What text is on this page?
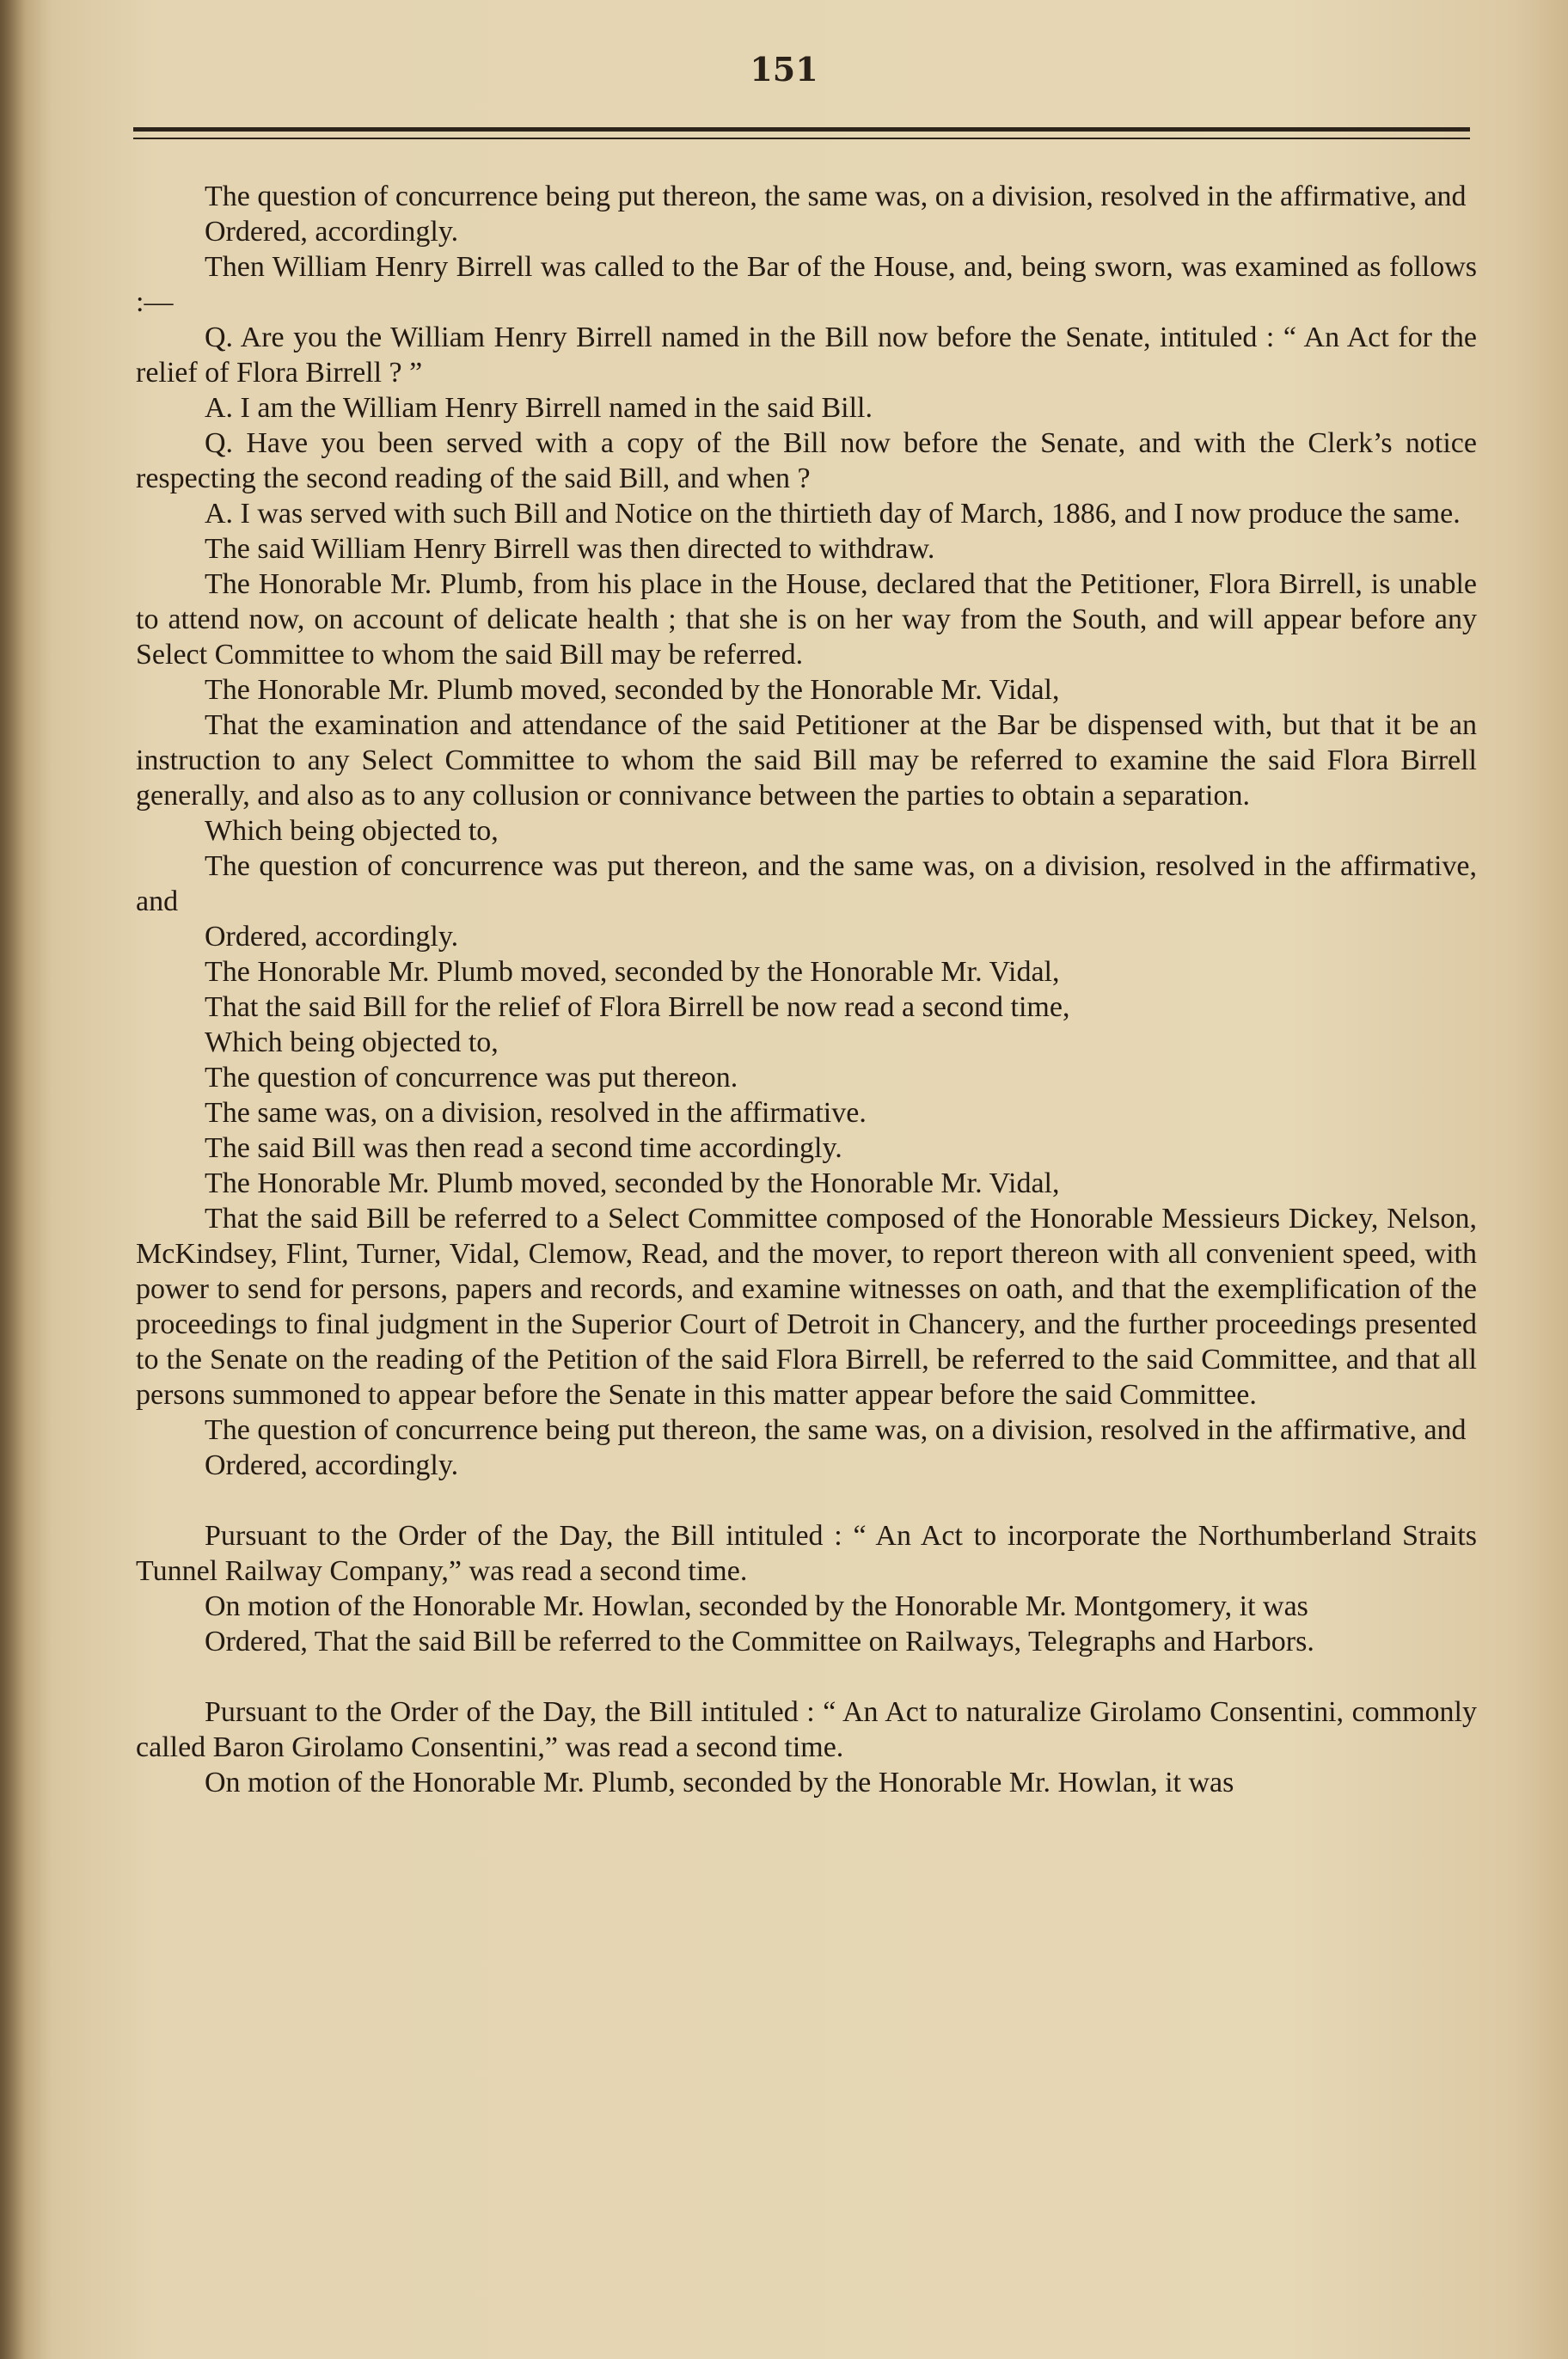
151

The question of concurrence being put thereon, the same was, on a division, resolved in the affirmative, and

Ordered, accordingly.

Then William Henry Birrell was called to the Bar of the House, and, being sworn, was examined as follows :—

Q. Are you the William Henry Birrell named in the Bill now before the Senate, intituled : “ An Act for the relief of Flora Birrell ? ”

A. I am the William Henry Birrell named in the said Bill.

Q. Have you been served with a copy of the Bill now before the Senate, and with the Clerk’s notice respecting the second reading of the said Bill, and when ?

A. I was served with such Bill and Notice on the thirtieth day of March, 1886, and I now produce the same.

The said William Henry Birrell was then directed to withdraw.

The Honorable Mr. Plumb, from his place in the House, declared that the Petitioner, Flora Birrell, is unable to attend now, on account of delicate health ; that she is on her way from the South, and will appear before any Select Committee to whom the said Bill may be referred.

The Honorable Mr. Plumb moved, seconded by the Honorable Mr. Vidal,

That the examination and attendance of the said Petitioner at the Bar be dispensed with, but that it be an instruction to any Select Committee to whom the said Bill may be referred to examine the said Flora Birrell generally, and also as to any collusion or connivance between the parties to obtain a separation.

Which being objected to,

The question of concurrence was put thereon, and the same was, on a division, resolved in the affirmative, and

Ordered, accordingly.

The Honorable Mr. Plumb moved, seconded by the Honorable Mr. Vidal,

That the said Bill for the relief of Flora Birrell be now read a second time,

Which being objected to,

The question of concurrence was put thereon.

The same was, on a division, resolved in the affirmative.

The said Bill was then read a second time accordingly.

The Honorable Mr. Plumb moved, seconded by the Honorable Mr. Vidal,

That the said Bill be referred to a Select Committee composed of the Honorable Messieurs Dickey, Nelson, McKindsey, Flint, Turner, Vidal, Clemow, Read, and the mover, to report thereon with all convenient speed, with power to send for persons, papers and records, and examine witnesses on oath, and that the exemplification of the proceedings to final judgment in the Superior Court of Detroit in Chancery, and the further proceedings presented to the Senate on the reading of the Petition of the said Flora Birrell, be referred to the said Committee, and that all persons summoned to appear before the Senate in this matter appear before the said Committee.

The question of concurrence being put thereon, the same was, on a division, resolved in the affirmative, and

Ordered, accordingly.

Pursuant to the Order of the Day, the Bill intituled : “ An Act to incorporate the Northumberland Straits Tunnel Railway Company,” was read a second time.

On motion of the Honorable Mr. Howlan, seconded by the Honorable Mr. Montgomery, it was

Ordered, That the said Bill be referred to the Committee on Railways, Telegraphs and Harbors.

Pursuant to the Order of the Day, the Bill intituled : “ An Act to naturalize Girolamo Consentini, commonly called Baron Girolamo Consentini,” was read a second time.

On motion of the Honorable Mr. Plumb, seconded by the Honorable Mr. Howlan, it was
